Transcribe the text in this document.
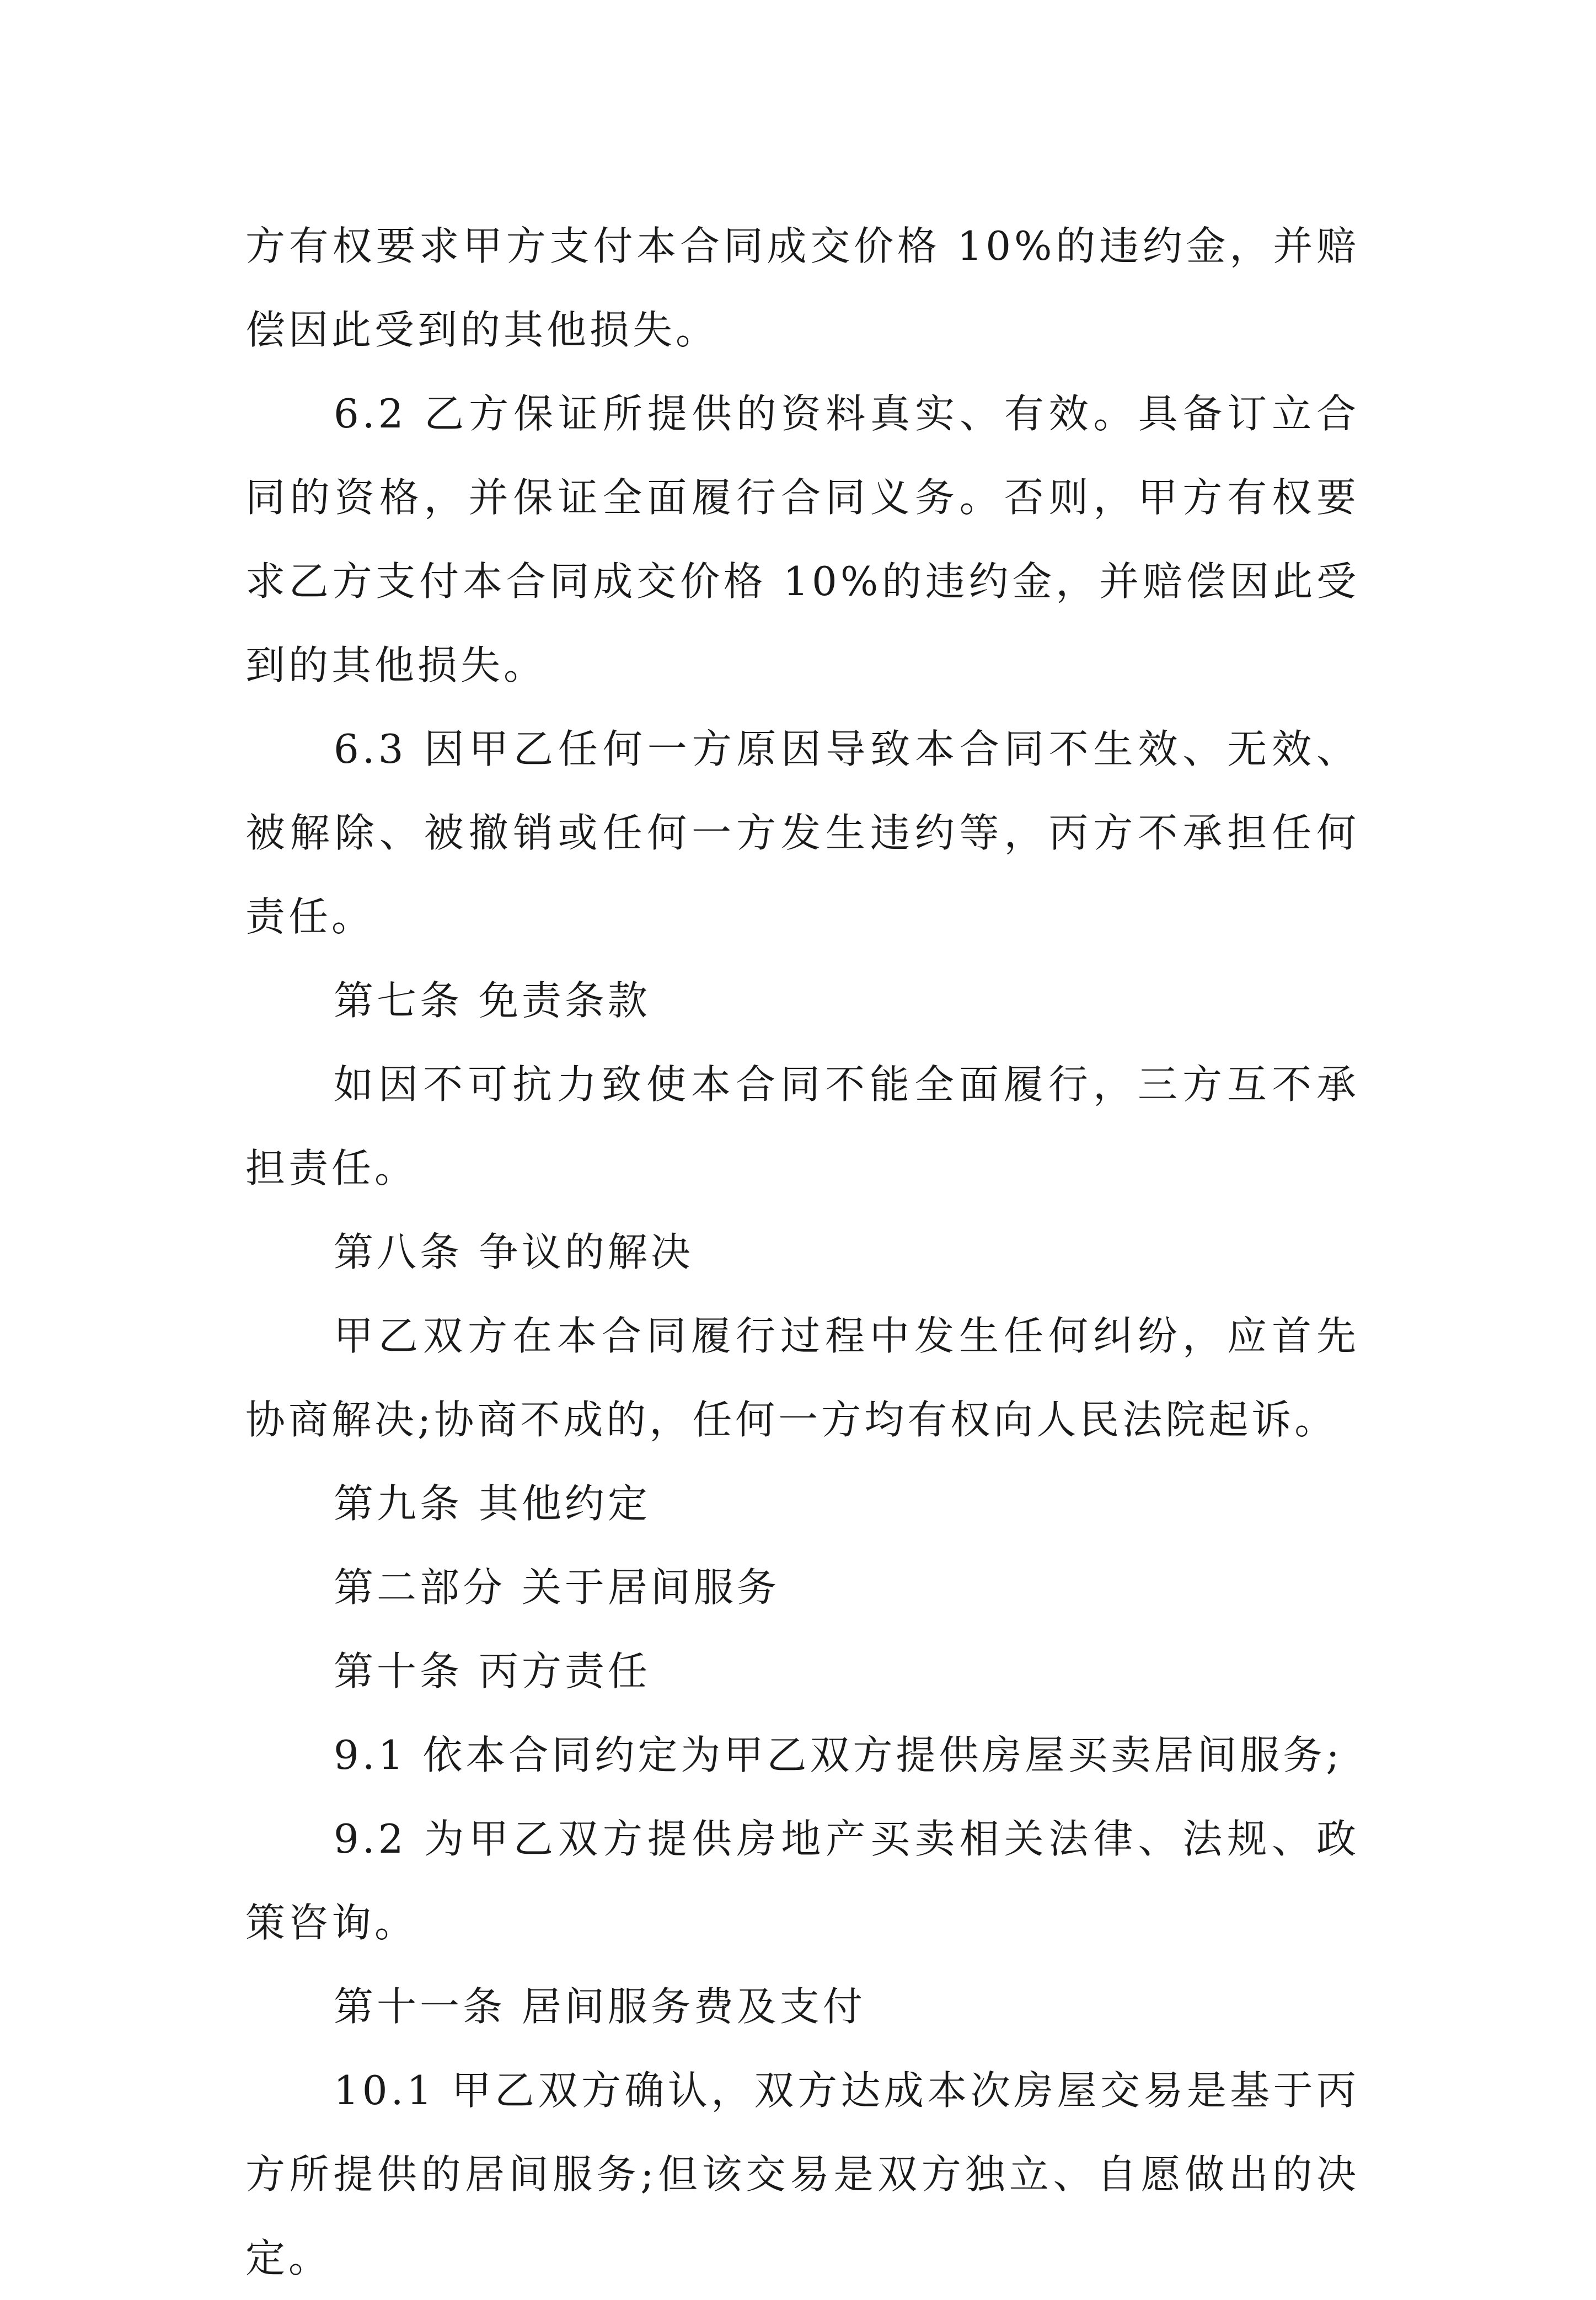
方有权要求甲方支付本合同成交价格 10%的违约金，并赔偿因此受到的其他损失。

6.2 乙方保证所提供的资料真实、有效。具备订立合同的资格，并保证全面履行合同义务。否则，甲方有权要求乙方支付本合同成交价格 10%的违约金，并赔偿因此受到的其他损失。

6.3 因甲乙任何一方原因导致本合同不生效、无效、被解除、被撤销或任何一方发生违约等，丙方不承担任何责任。

第七条 免责条款

如因不可抗力致使本合同不能全面履行，三方互不承担责任。

第八条 争议的解决

甲乙双方在本合同履行过程中发生任何纠纷，应首先协商解决;协商不成的，任何一方均有权向人民法院起诉。

第九条 其他约定

第二部分 关于居间服务

第十条 丙方责任

9.1 依本合同约定为甲乙双方提供房屋买卖居间服务;

9.2 为甲乙双方提供房地产买卖相关法律、法规、政策咨询。

第十一条 居间服务费及支付

10.1 甲乙双方确认，双方达成本次房屋交易是基于丙方所提供的居间服务;但该交易是双方独立、自愿做出的决定。
